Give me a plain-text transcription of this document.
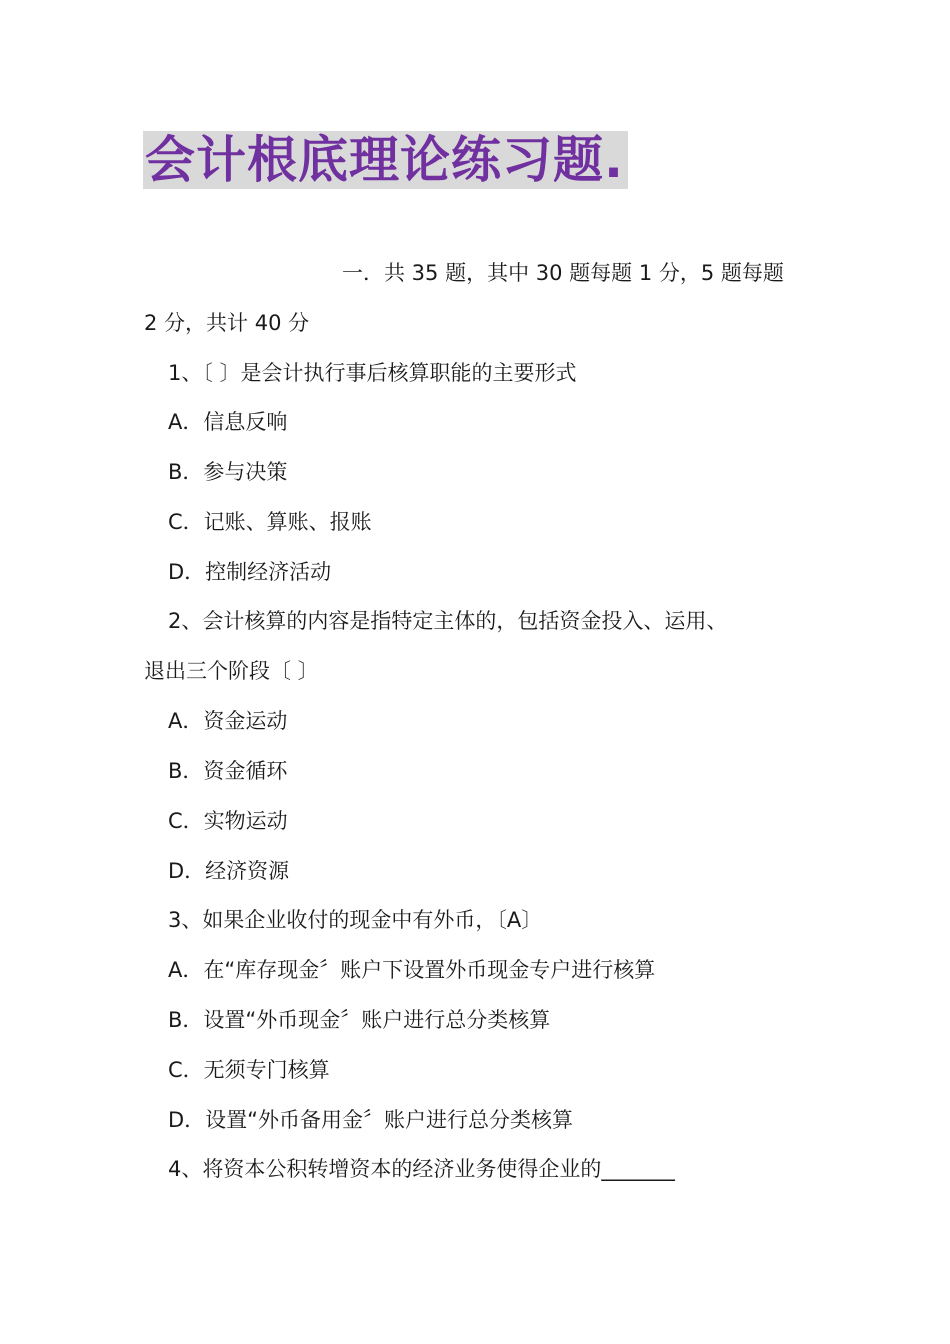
会计根底理论练习题.
一．共 35 题，其中 30 题每题 1 分，5 题每题
2 分，共计 40 分
1、〔 〕是会计执行事后核算职能的主要形式
A．信息反响
B．参与决策
C．记账、算账、报账
D．控制经济活动
2、会计核算的内容是指特定主体的，包括资金投入、运用、
退出三个阶段〔 〕
A．资金运动
B．资金循环
C．实物运动
D．经济资源
3、如果企业收付的现金中有外币，〔A〕
A．在“库存现金〞账户下设置外币现金专户进行核算
B．设置“外币现金〞账户进行总分类核算
C．无须专门核算
D．设置“外币备用金〞账户进行总分类核算
4、将资本公积转增资本的经济业务使得企业的_______
